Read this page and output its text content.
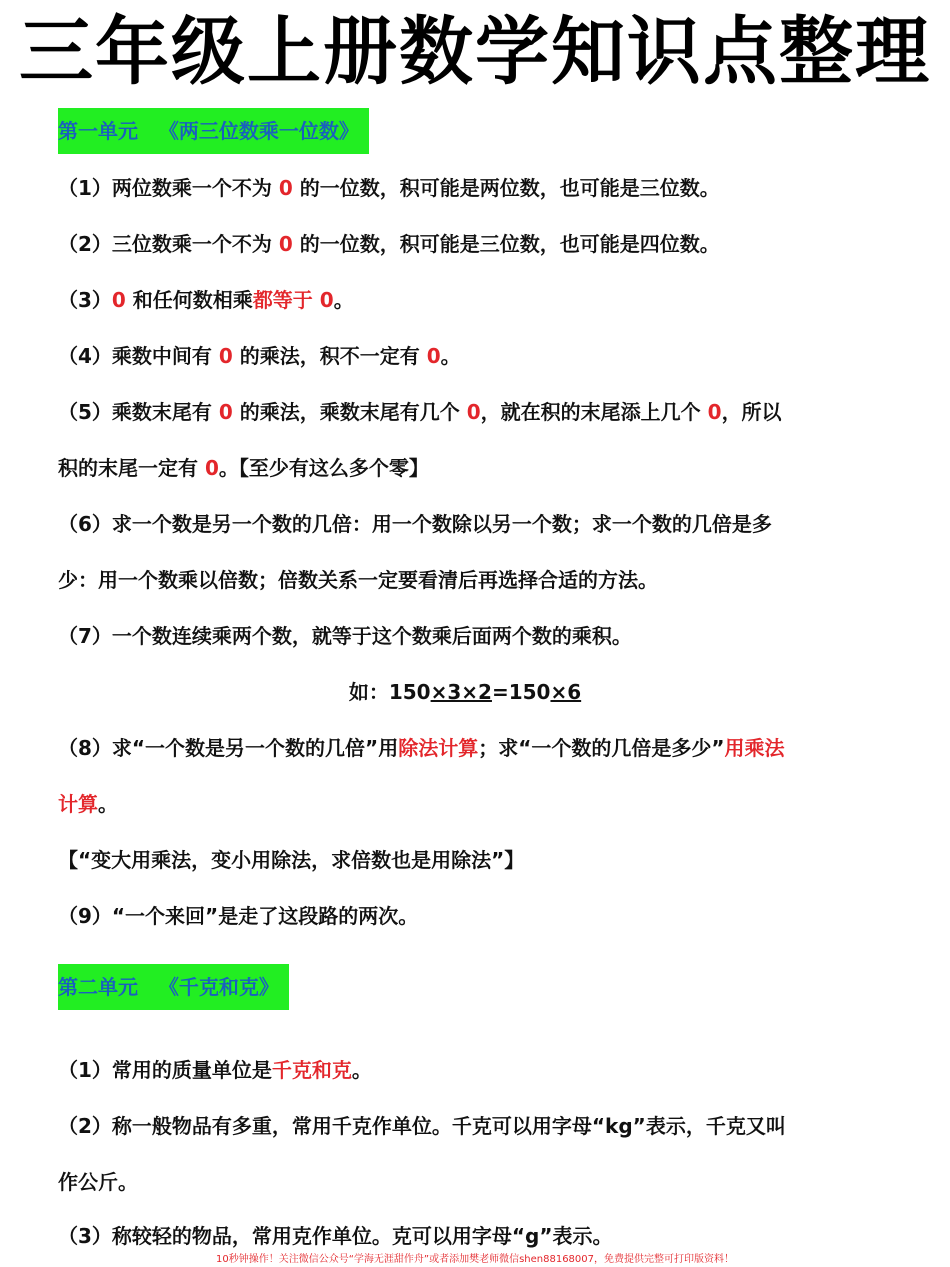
三年级上册数学知识点整理
第一单元   《两三位数乘一位数》
（1）两位数乘一个不为 0 的一位数，积可能是两位数，也可能是三位数。
（2）三位数乘一个不为 0 的一位数，积可能是三位数，也可能是四位数。
（3）0 和任何数相乘都等于 0。
（4）乘数中间有 0 的乘法，积不一定有 0。
（5）乘数末尾有 0 的乘法，乘数末尾有几个 0，就在积的末尾添上几个 0，所以
积的末尾一定有 0。【至少有这么多个零】
（6）求一个数是另一个数的几倍：用一个数除以另一个数；求一个数的几倍是多
少：用一个数乘以倍数；倍数关系一定要看清后再选择合适的方法。
（7）一个数连续乘两个数，就等于这个数乘后面两个数的乘积。
如：150×3×2=150×6
（8）求“一个数是另一个数的几倍”用除法计算；求“一个数的几倍是多少”用乘法
计算。
【“变大用乘法，变小用除法，求倍数也是用除法”】
（9）“一个来回”是走了这段路的两次。
第二单元   《千克和克》
（1）常用的质量单位是千克和克。
（2）称一般物品有多重，常用千克作单位。千克可以用字母“kg”表示，千克又叫
作公斤。
（3）称较轻的物品，常用克作单位。克可以用字母“g”表示。
10秒钟操作！关注微信公众号“学海无涯甜作舟”或者添加樊老师微信shen88168007，免费提供完整可打印版资料！
